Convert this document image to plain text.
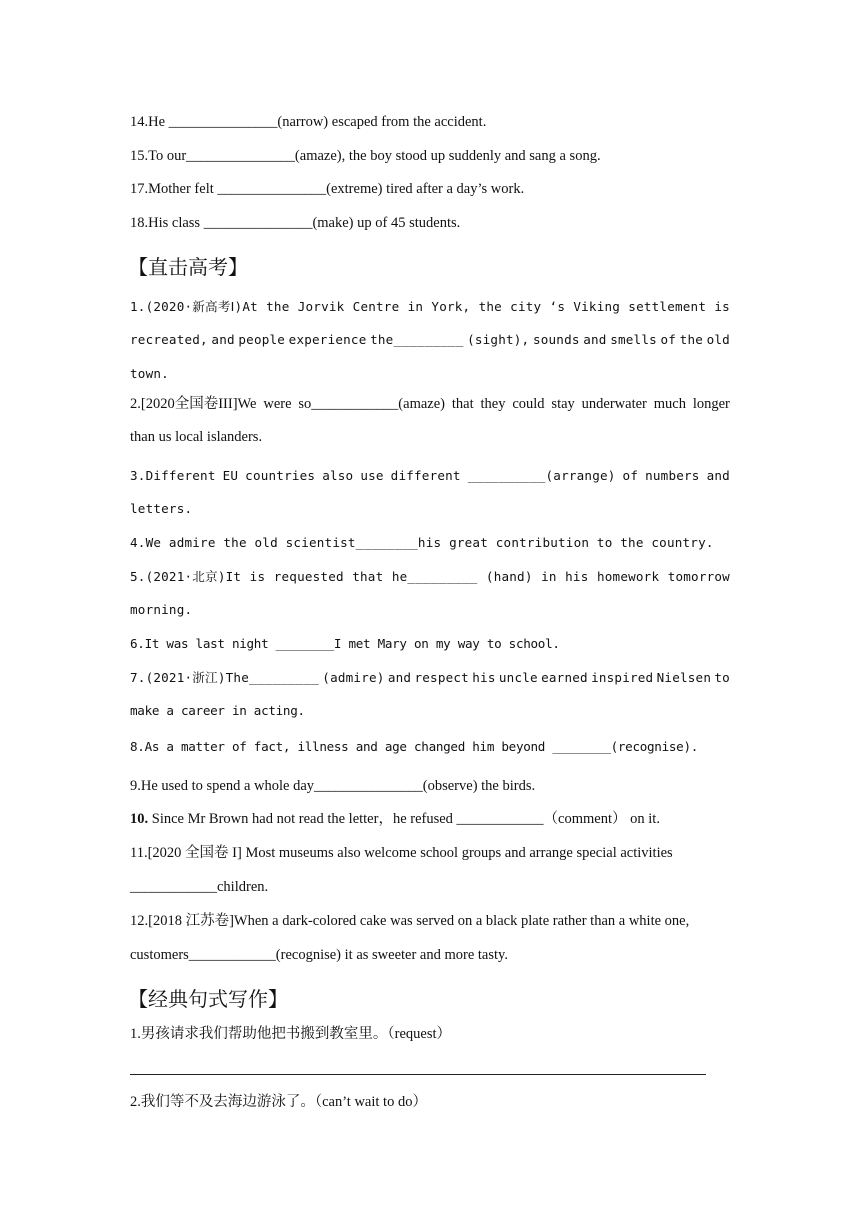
14.He _______________(narrow) escaped from the accident.
15.To our_______________(amaze), the boy stood up suddenly and sang a song.
17.Mother felt _______________(extreme) tired after a day’s work.
18.His class _______________(make) up of 45 students.
【直击高考】
1.(2020·新高考Ⅰ)At the Jorvik Centre in York, the city ‘s Viking settlement is
recreated, and people experience the_________ (sight), sounds and smells of the old
town.
2.[2020全国卷III]We were so____________(amaze) that they could stay underwater much longer
than us local islanders.
3.Different EU countries also use different __________(arrange) of numbers and
letters.
4.We admire the old scientist________his great contribution to the country.
5.(2021·北京)It is requested that he_________ (hand) in his homework tomorrow
morning.
6.It was last night ________I met Mary on my way to school.
7.(2021·浙江)The_________ (admire) and respect his uncle earned inspired Nielsen to
make a career in acting.
8.As a matter of fact, illness and age changed him beyond ________(recognise).
9.He used to spend a whole day_______________(observe) the birds.
10. Since Mr Brown had not read the letter，he refused ____________（comment） on it.
11.[2020 全国卷 I] Most museums also welcome school groups and arrange special activities
____________children.
12.[2018 江苏卷]When a dark-colored cake was served on a black plate rather than a white one,
customers____________(recognise) it as sweeter and more tasty.
【经典句式写作】
1.男孩请求我们帮助他把书搬到教室里。（request）
2.我们等不及去海边游泳了。（can’t wait to do）
